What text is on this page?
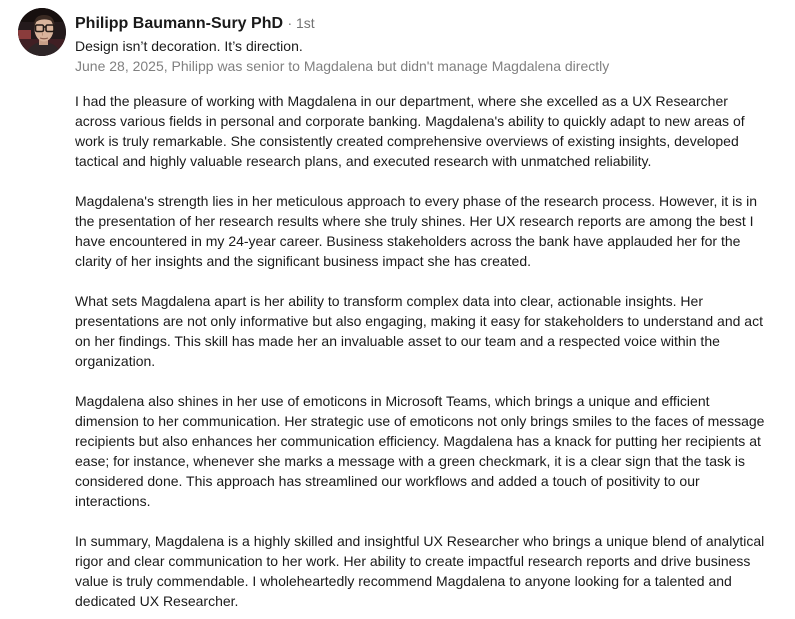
Philipp Baumann-Sury PhD · 1st
Design isn’t decoration. It’s direction.
June 28, 2025, Philipp was senior to Magdalena but didn't manage Magdalena directly

I had the pleasure of working with Magdalena in our department, where she excelled as a UX Researcher across various fields in personal and corporate banking. Magdalena's ability to quickly adapt to new areas of work is truly remarkable. She consistently created comprehensive overviews of existing insights, developed tactical and highly valuable research plans, and executed research with unmatched reliability.

Magdalena's strength lies in her meticulous approach to every phase of the research process. However, it is in the presentation of her research results where she truly shines. Her UX research reports are among the best I have encountered in my 24-year career. Business stakeholders across the bank have applauded her for the clarity of her insights and the significant business impact she has created.

What sets Magdalena apart is her ability to transform complex data into clear, actionable insights. Her presentations are not only informative but also engaging, making it easy for stakeholders to understand and act on her findings. This skill has made her an invaluable asset to our team and a respected voice within the organization.

Magdalena also shines in her use of emoticons in Microsoft Teams, which brings a unique and efficient dimension to her communication. Her strategic use of emoticons not only brings smiles to the faces of message recipients but also enhances her communication efficiency. Magdalena has a knack for putting her recipients at ease; for instance, whenever she marks a message with a green checkmark, it is a clear sign that the task is considered done. This approach has streamlined our workflows and added a touch of positivity to our interactions.

In summary, Magdalena is a highly skilled and insightful UX Researcher who brings a unique blend of analytical rigor and clear communication to her work. Her ability to create impactful research reports and drive business value is truly commendable. I wholeheartedly recommend Magdalena to anyone looking for a talented and dedicated UX Researcher.
